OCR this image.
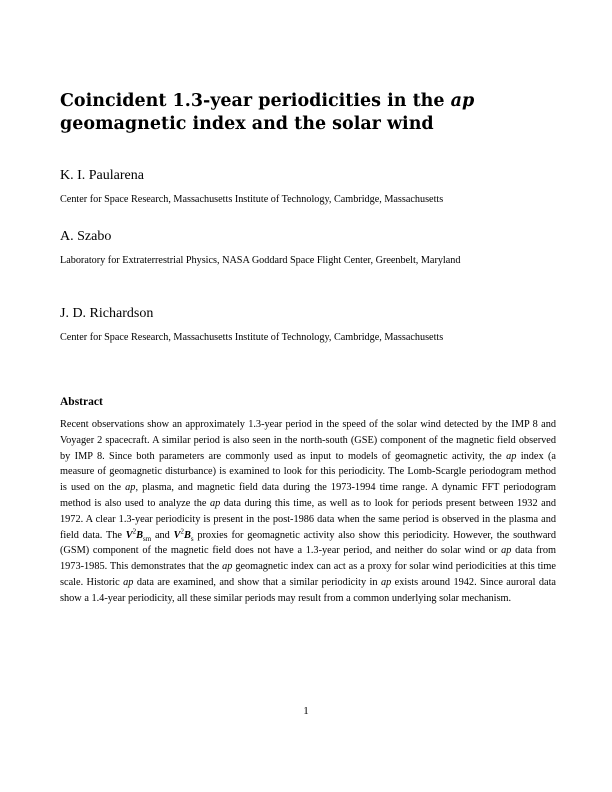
Coincident 1.3-year periodicities in the ap geomagnetic index and the solar wind

K. I. Paularena

Center for Space Research, Massachusetts Institute of Technology, Cambridge, Massachusetts

A. Szabo

Laboratory for Extraterrestrial Physics, NASA Goddard Space Flight Center, Greenbelt, Maryland

J. D. Richardson

Center for Space Research, Massachusetts Institute of Technology, Cambridge, Massachusetts

Abstract

Recent observations show an approximately 1.3-year period in the speed of the solar wind detected by the IMP 8 and Voyager 2 spacecraft. A similar period is also seen in the north-south (GSE) component of the magnetic field observed by IMP 8. Since both parameters are commonly used as input to models of geomagnetic activity, the ap index (a measure of geomagnetic disturbance) is examined to look for this periodicity. The Lomb-Scargle periodogram method is used on the ap, plasma, and magnetic field data during the 1973-1994 time range. A dynamic FFT periodogram method is also used to analyze the ap data during this time, as well as to look for periods present between 1932 and 1972. A clear 1.3-year periodicity is present in the post-1986 data when the same period is observed in the plasma and field data. The $V^2B_{sm}$ and $V^2B_s$ proxies for geomagnetic activity also show this periodicity. However, the southward (GSM) component of the magnetic field does not have a 1.3-year period, and neither do solar wind or ap data from 1973-1985. This demonstrates that the ap geomagnetic index can act as a proxy for solar wind periodicities at this time scale. Historic ap data are examined, and show that a similar periodicity in ap exists around 1942. Since auroral data show a 1.4-year periodicity, all these similar periods may result from a common underlying solar mechanism.

1
